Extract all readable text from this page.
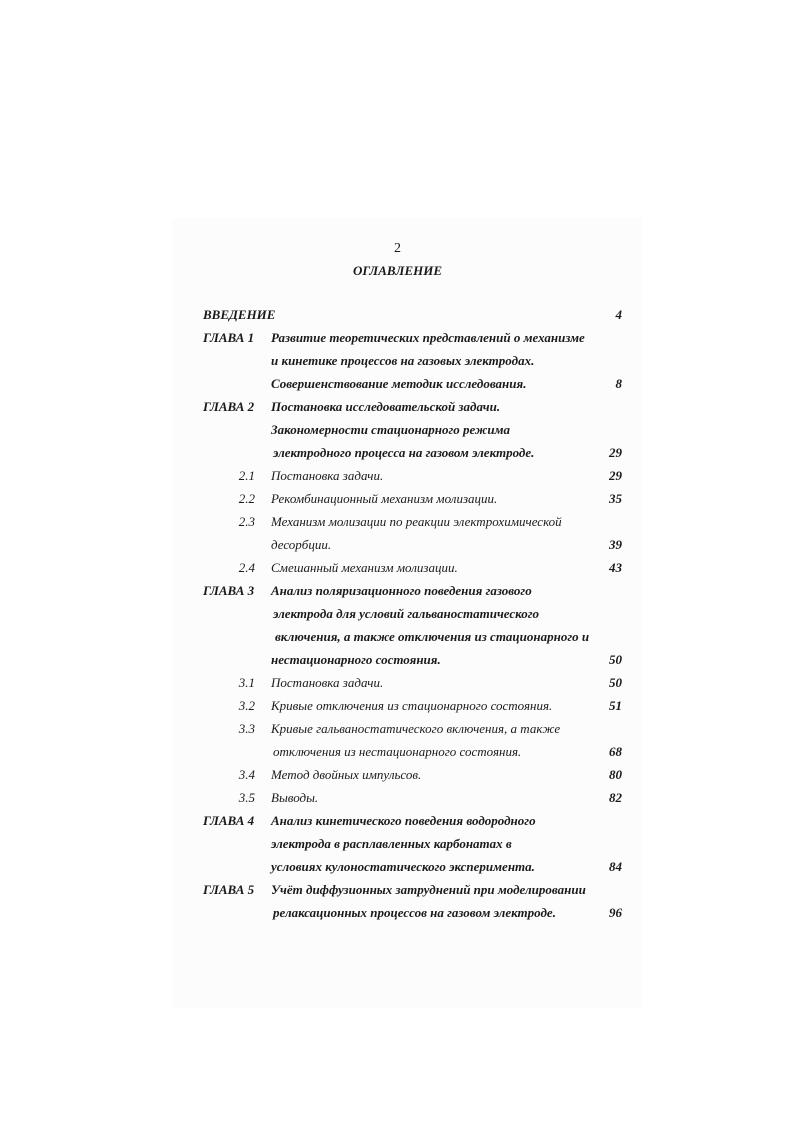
2
ОГЛАВЛЕНИЕ
ВВЕДЕНИЕ	4
ГЛАВА 1 Развитие теоретических представлений о механизме
и кинетике процессов на газовых электродах.
Совершенствование методик исследования.	8
ГЛАВА 2 Постановка исследовательской задачи.
Закономерности стационарного режима
электродного процесса на газовом электроде.	29
2.1 Постановка задачи.	29
2.2 Рекомбинационный механизм молизации.	35
2.3 Механизм молизации по реакции электрохимической
десорбции.	39
2.4 Смешанный механизм молизации.	43
ГЛАВА 3 Анализ поляризационного поведения газового
электрода для условий гальваностатического
включения, а также отключения из стационарного и
нестационарного состояния.	50
3.1 Постановка задачи.	50
3.2 Кривые отключения из стационарного состояния.	51
3.3 Кривые гальваностатического включения, а также
отключения из нестационарного состояния.	68
3.4 Метод двойных импульсов.	80
3.5 Выводы.	82
ГЛАВА 4 Анализ кинетического поведения водородного
электрода в расплавленных карбонатах в
условиях кулоностатического эксперимента.	84
ГЛАВА 5 Учёт диффузионных затруднений при моделировании
релаксационных процессов на газовом электроде.	96
